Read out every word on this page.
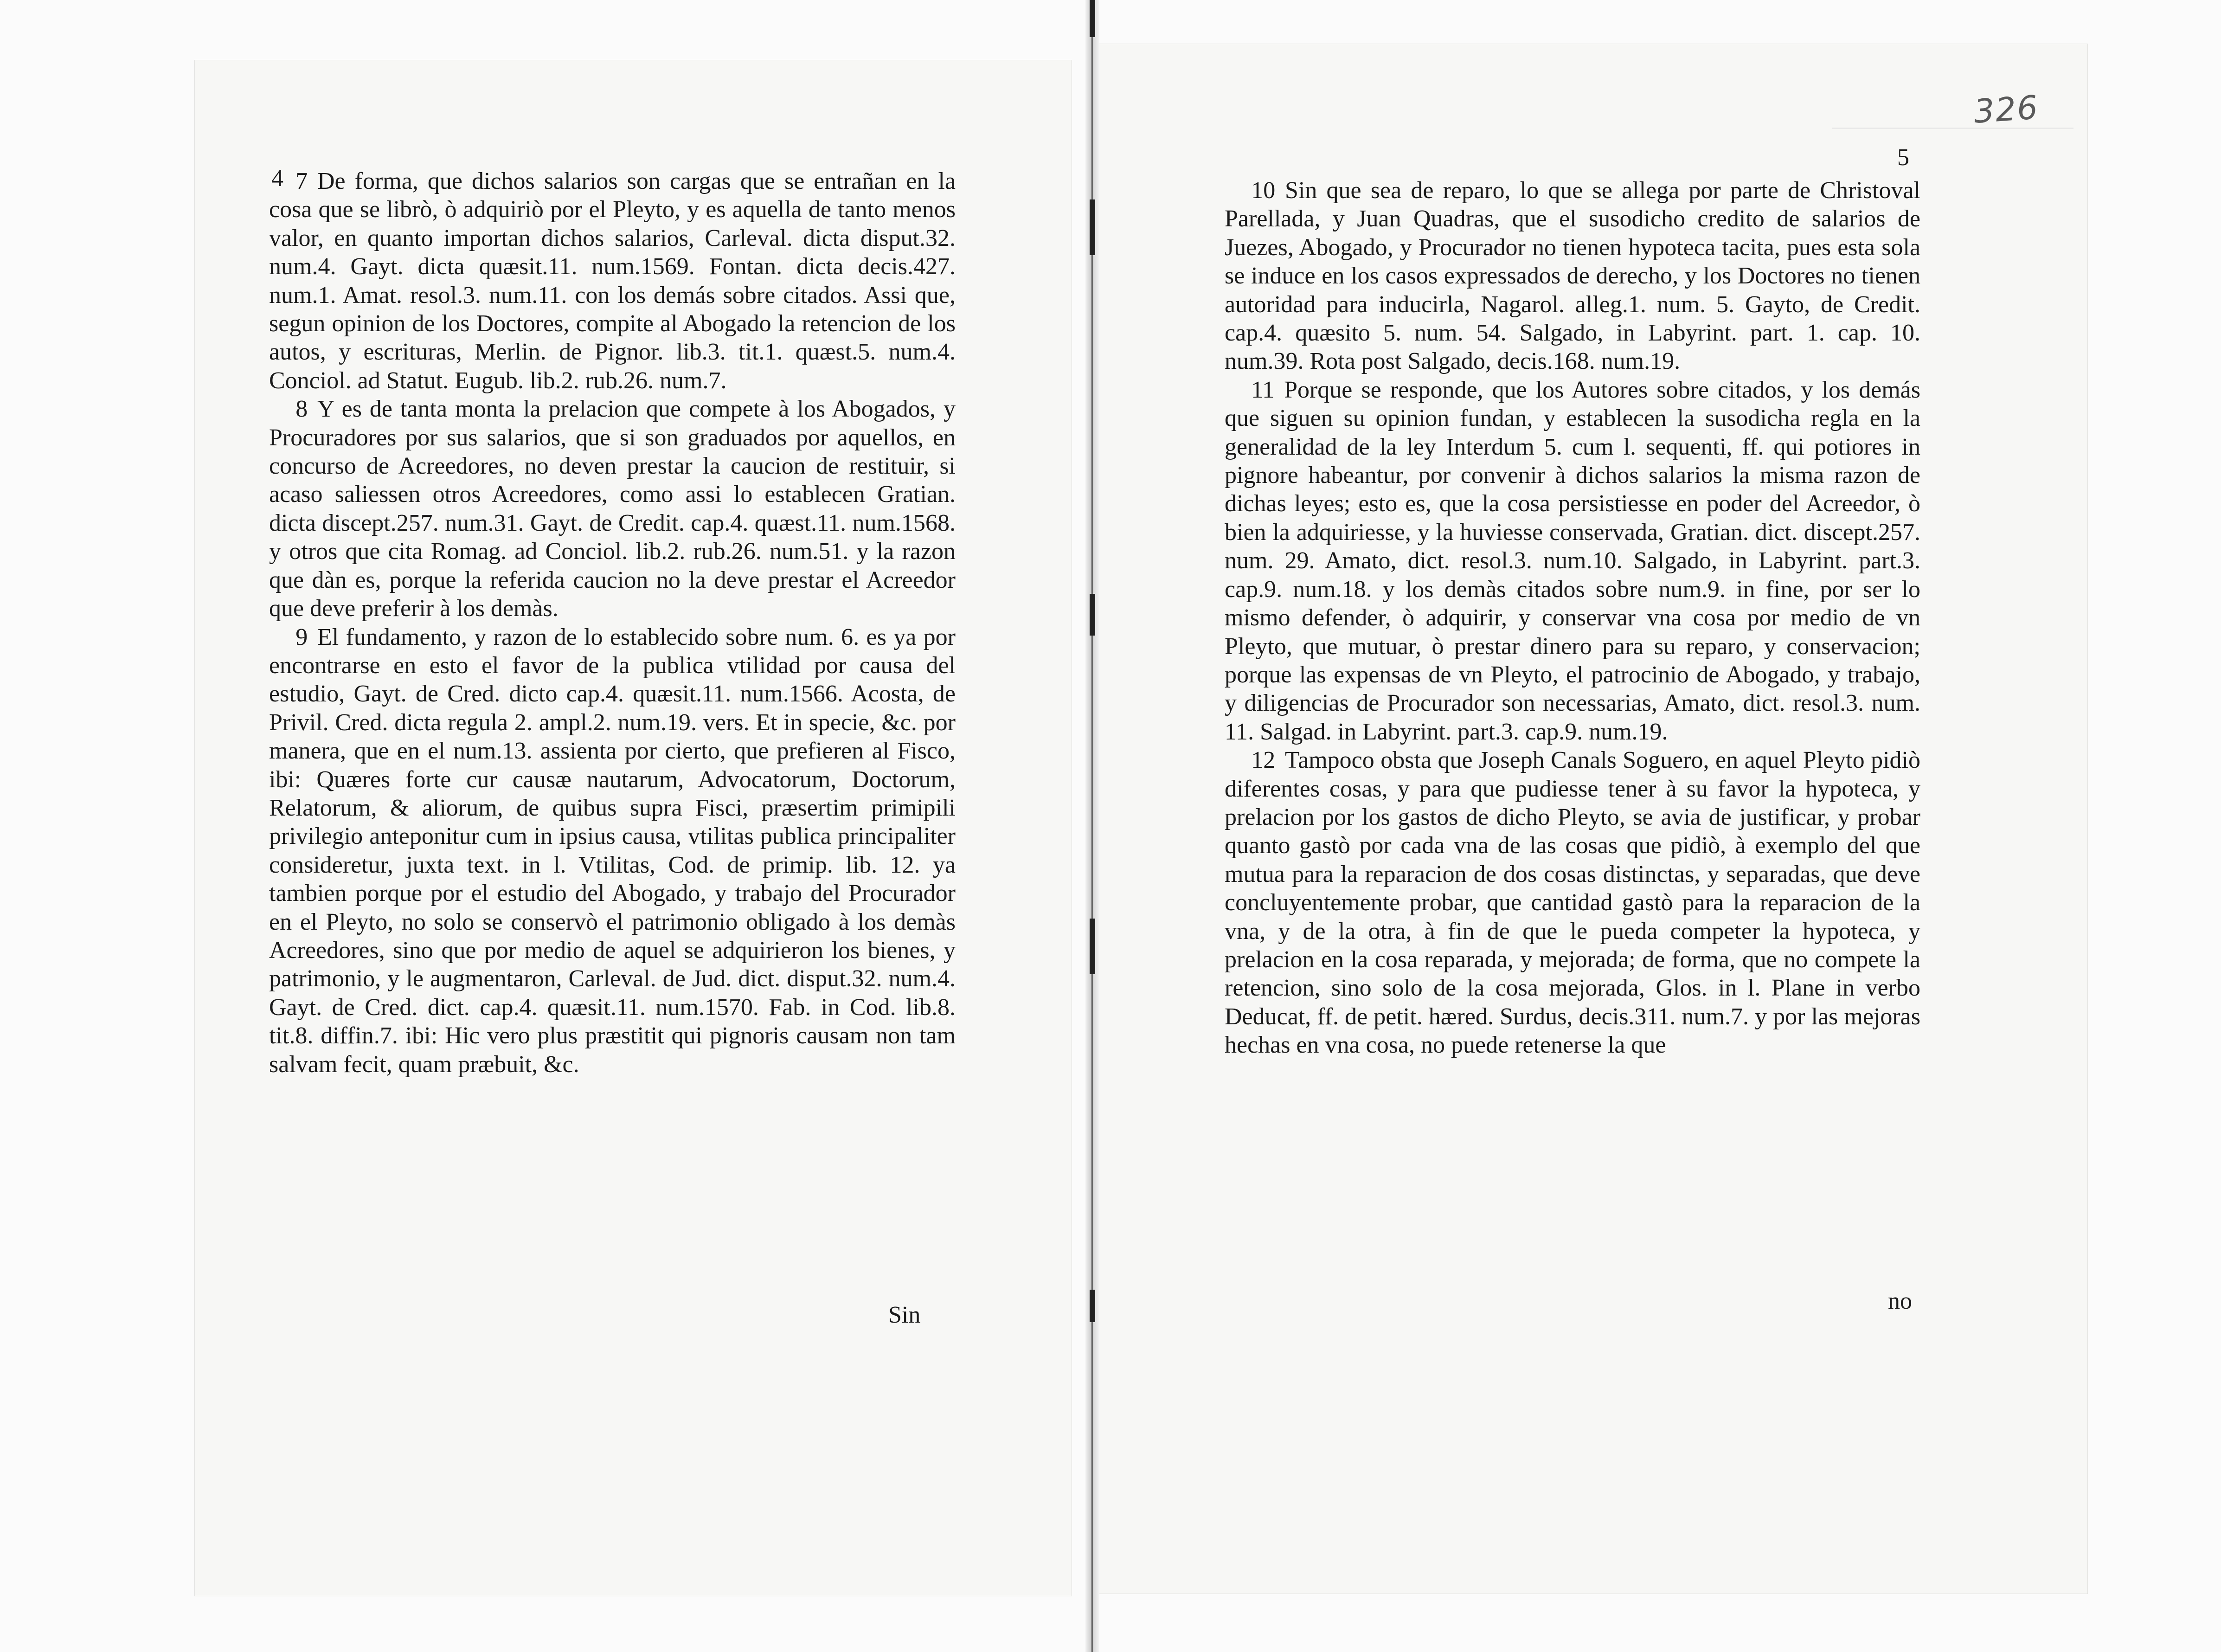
326
4
5

7 De forma, que dichos salarios son cargas que se entrañan en la cosa que se librò, ò adquiriò por el Pleyto, y es aquella de tanto menos valor, en quanto importan dichos salarios, Carleval. dicta disput.32. num.4. Gayt. dicta quæsit.11. num.1569. Fontan. dicta decis.427. num.1. Amat. resol.3. num.11. con los demás sobre citados. Assi que, segun opinion de los Doctores, compite al Abogado la retencion de los autos, y escrituras, Merlin. de Pignor. lib.3. tit.1. quæst.5. num.4. Conciol. ad Statut. Eugub. lib.2. rub.26. num.7.

8 Y es de tanta monta la prelacion que compete à los Abogados, y Procuradores por sus salarios, que si son graduados por aquellos, en concurso de Acreedores, no deven prestar la caucion de restituir, si acaso saliessen otros Acreedores, como assi lo establecen Gratian. dicta discept.257. num.31. Gayt. de Credit. cap.4. quæst.11. num.1568. y otros que cita Romag. ad Conciol. lib.2. rub.26. num.51. y la razon que dàn es, porque la referida caucion no la deve prestar el Acreedor que deve preferir à los demàs.

9 El fundamento, y razon de lo establecido sobre num. 6. es ya por encontrarse en esto el favor de la publica vtilidad por causa del estudio, Gayt. de Cred. dicto cap.4. quæsit.11. num.1566. Acosta, de Privil. Cred. dicta regula 2. ampl.2. num.19. vers. Et in specie, &c. por manera, que en el num.13. assienta por cierto, que prefieren al Fisco, ibi: Quæres forte cur causæ nautarum, Advocatorum, Doctorum, Relatorum, & aliorum, de quibus supra Fisci, præsertim primipili privilegio anteponitur cum in ipsius causa, vtilitas publica principaliter consideretur, juxta text. in l. Vtilitas, Cod. de primip. lib. 12. ya tambien porque por el estudio del Abogado, y trabajo del Procurador en el Pleyto, no solo se conservò el patrimonio obligado à los demàs Acreedores, sino que por medio de aquel se adquirieron los bienes, y patrimonio, y le augmentaron, Carleval. de Jud. dict. disput.32. num.4. Gayt. de Cred. dict. cap.4. quæsit.11. num.1570. Fab. in Cod. lib.8. tit.8. diffin.7. ibi: Hic vero plus præstitit qui pignoris causam non tam salvam fecit, quam præbuit, &c.

10 Sin que sea de reparo, lo que se allega por parte de Christoval Parellada, y Juan Quadras, que el susodicho credito de salarios de Juezes, Abogado, y Procurador no tienen hypoteca tacita, pues esta sola se induce en los casos expressados de derecho, y los Doctores no tienen autoridad para inducirla, Nagarol. alleg.1. num. 5. Gayto, de Credit. cap.4. quæsito 5. num. 54. Salgado, in Labyrint. part. 1. cap. 10. num.39. Rota post Salgado, decis.168. num.19.

11 Porque se responde, que los Autores sobre citados, y los demás que siguen su opinion fundan, y establecen la susodicha regla en la generalidad de la ley Interdum 5. cum l. sequenti, ff. qui potiores in pignore habeantur, por convenir à dichos salarios la misma razon de dichas leyes; esto es, que la cosa persistiesse en poder del Acreedor, ò bien la adquiriesse, y la huviesse conservada, Gratian. dict. discept.257. num. 29. Amato, dict. resol.3. num.10. Salgado, in Labyrint. part.3. cap.9. num.18. y los demàs citados sobre num.9. in fine, por ser lo mismo defender, ò adquirir, y conservar vna cosa por medio de vn Pleyto, que mutuar, ò prestar dinero para su reparo, y conservacion; porque las expensas de vn Pleyto, el patrocinio de Abogado, y trabajo, y diligencias de Procurador son necessarias, Amato, dict. resol.3. num. 11. Salgad. in Labyrint. part.3. cap.9. num.19.

12 Tampoco obsta que Joseph Canals Soguero, en aquel Pleyto pidiò diferentes cosas, y para que pudiesse tener à su favor la hypoteca, y prelacion por los gastos de dicho Pleyto, se avia de justificar, y probar quanto gastò por cada vna de las cosas que pidiò, à exemplo del que mutua para la reparacion de dos cosas distinctas, y separadas, que deve concluyentemente probar, que cantidad gastò para la reparacion de la vna, y de la otra, à fin de que le pueda competer la hypoteca, y prelacion en la cosa reparada, y mejorada; de forma, que no compete la retencion, sino solo de la cosa mejorada, Glos. in l. Plane in verbo Deducat, ff. de petit. hæred. Surdus, decis.311. num.7. y por las mejoras hechas en vna cosa, no puede retenerse la que

Sin
no
